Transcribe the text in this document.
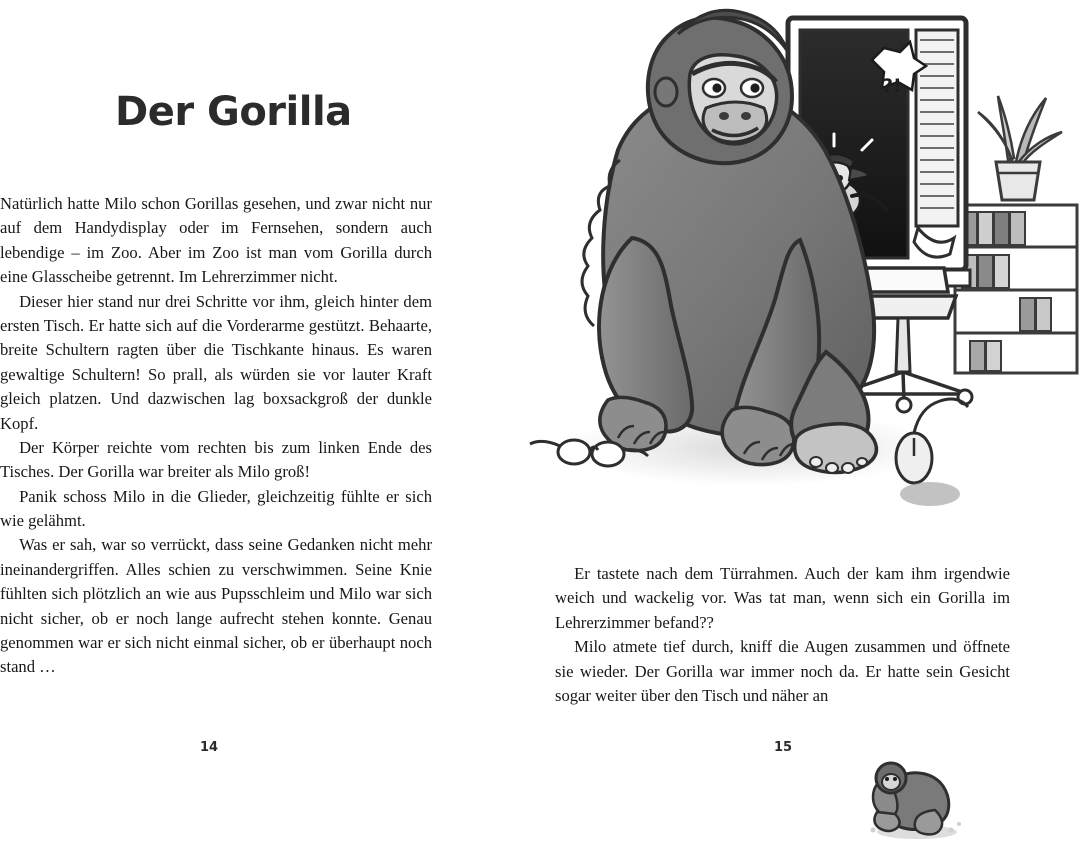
Der Gorilla

Natürlich hatte Milo schon Gorillas gesehen, und zwar nicht nur auf dem Handydisplay oder im Fernsehen, sondern auch lebendige – im Zoo. Aber im Zoo ist man vom Gorilla durch eine Glasscheibe getrennt. Im Lehrerzimmer nicht.

Dieser hier stand nur drei Schritte vor ihm, gleich hinter dem ersten Tisch. Er hatte sich auf die Vorderarme gestützt. Behaarte, breite Schultern ragten über die Tischkante hinaus. Es waren gewaltige Schultern! So prall, als würden sie vor lauter Kraft gleich platzen. Und dazwischen lag boxsackgroß der dunkle Kopf.

Der Körper reichte vom rechten bis zum linken Ende des Tisches. Der Gorilla war breiter als Milo groß!

Panik schoss Milo in die Glieder, gleichzeitig fühlte er sich wie gelähmt.

Was er sah, war so verrückt, dass seine Gedanken nicht mehr ineinandergriffen. Alles schien zu verschwimmen. Seine Knie fühlten sich plötzlich an wie aus Pupsschleim und Milo war sich nicht sicher, ob er noch lange aufrecht stehen konnte. Genau genommen war er sich nicht einmal sicher, ob er überhaupt noch stand …

14
?!

Er tastete nach dem Türrahmen. Auch der kam ihm irgendwie weich und wackelig vor. Was tat man, wenn sich ein Gorilla im Lehrerzimmer befand??

Milo atmete tief durch, kniff die Augen zusammen und öffnete sie wieder. Der Gorilla war immer noch da. Er hatte sein Gesicht sogar weiter über den Tisch und näher an

15
